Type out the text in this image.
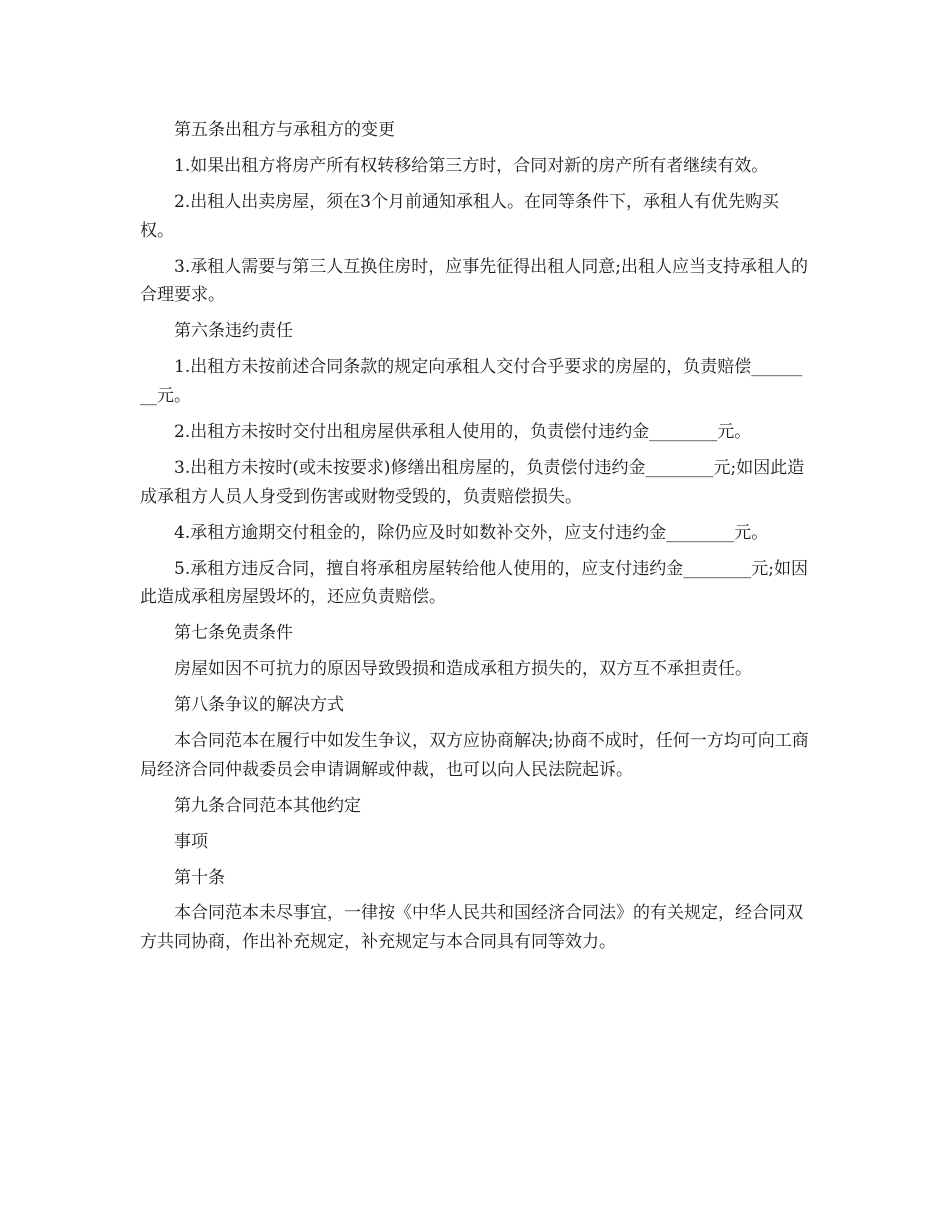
第五条出租方与承租方的变更

1.如果出租方将房产所有权转移给第三方时，合同对新的房产所有者继续有效。

2.出租人出卖房屋，须在3个月前通知承租人。在同等条件下，承租人有优先购买权。

3.承租人需要与第三人互换住房时，应事先征得出租人同意;出租人应当支持承租人的合理要求。

第六条违约责任

1.出租方未按前述合同条款的规定向承租人交付合乎要求的房屋的，负责赔偿________元。

2.出租方未按时交付出租房屋供承租人使用的，负责偿付违约金________元。

3.出租方未按时(或未按要求)修缮出租房屋的，负责偿付违约金________元;如因此造成承租方人员人身受到伤害或财物受毁的，负责赔偿损失。

4.承租方逾期交付租金的，除仍应及时如数补交外，应支付违约金________元。

5.承租方违反合同，擅自将承租房屋转给他人使用的，应支付违约金________元;如因此造成承租房屋毁坏的，还应负责赔偿。

第七条免责条件

房屋如因不可抗力的原因导致毁损和造成承租方损失的，双方互不承担责任。

第八条争议的解决方式

本合同范本在履行中如发生争议，双方应协商解决;协商不成时，任何一方均可向工商局经济合同仲裁委员会申请调解或仲裁，也可以向人民法院起诉。

第九条合同范本其他约定

事项

第十条

本合同范本未尽事宜，一律按《中华人民共和国经济合同法》的有关规定，经合同双方共同协商，作出补充规定，补充规定与本合同具有同等效力。
